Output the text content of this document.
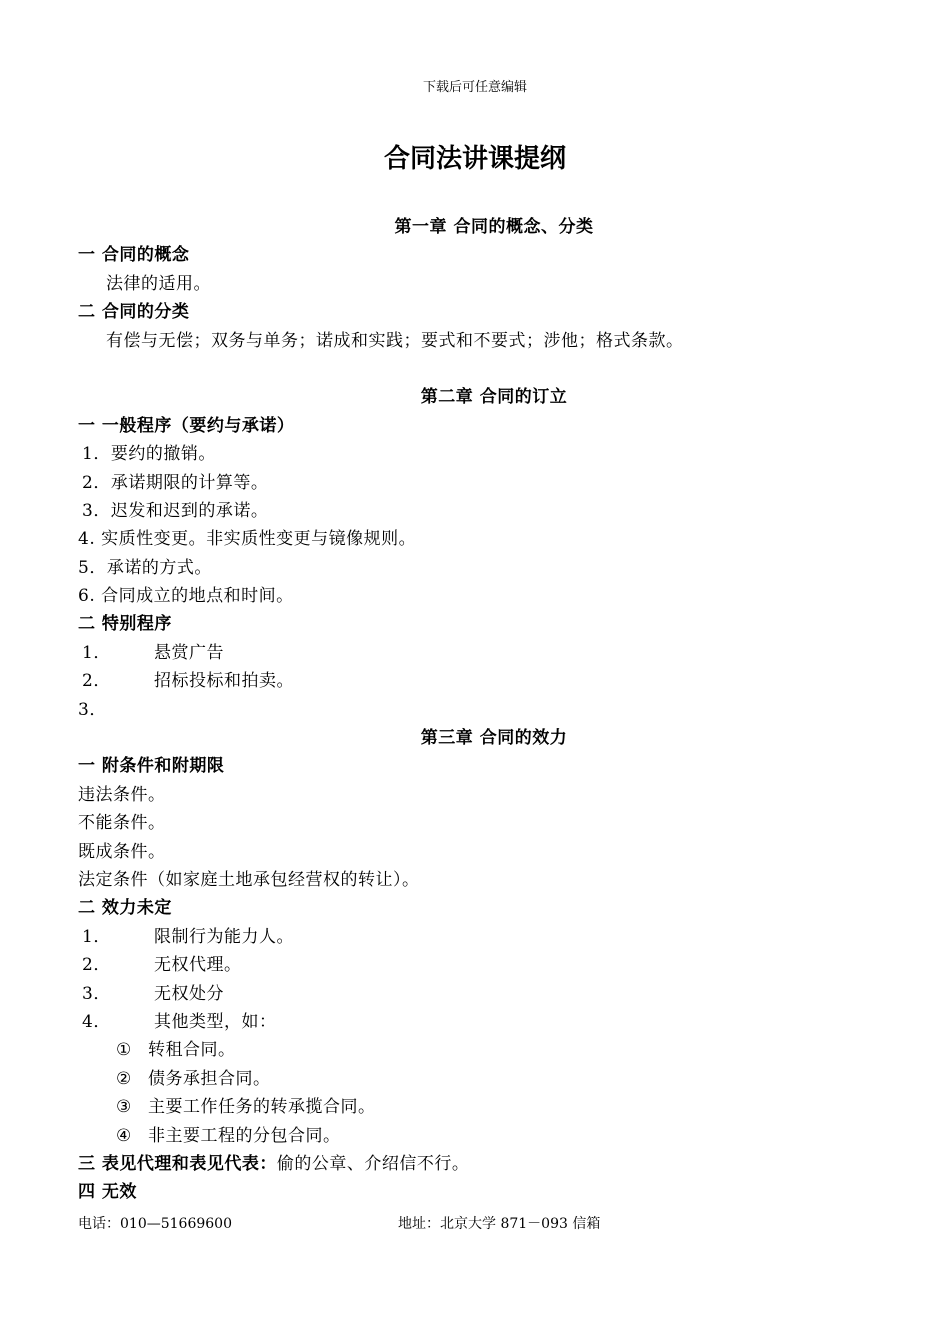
下载后可任意编辑
合同法讲课提纲
第一章 合同的概念、分类
一 合同的概念
法律的适用。
二 合同的分类
有偿与无偿；双务与单务；诺成和实践；要式和不要式；涉他；格式条款。
第二章 合同的订立
一 一般程序（要约与承诺）
1．要约的撤销。
2．承诺期限的计算等。
3．迟发和迟到的承诺。
4. 实质性变更。非实质性变更与镜像规则。
5．承诺的方式。
6. 合同成立的地点和时间。
二 特别程序
1．	悬赏广告
2．	招标投标和拍卖。
3．
第三章 合同的效力
一 附条件和附期限
违法条件。
不能条件。
既成条件。
法定条件（如家庭土地承包经营权的转让）。
二 效力未定
1．	限制行为能力人。
2．	无权代理。
3．	无权处分
4．	其他类型，如：
① 转租合同。
② 债务承担合同。
③ 主要工作任务的转承揽合同。
④ 非主要工程的分包合同。
三 表见代理和表见代表：偷的公章、介绍信不行。
四 无效
电话：010—51669600	地址：北京大学 871－093 信箱
